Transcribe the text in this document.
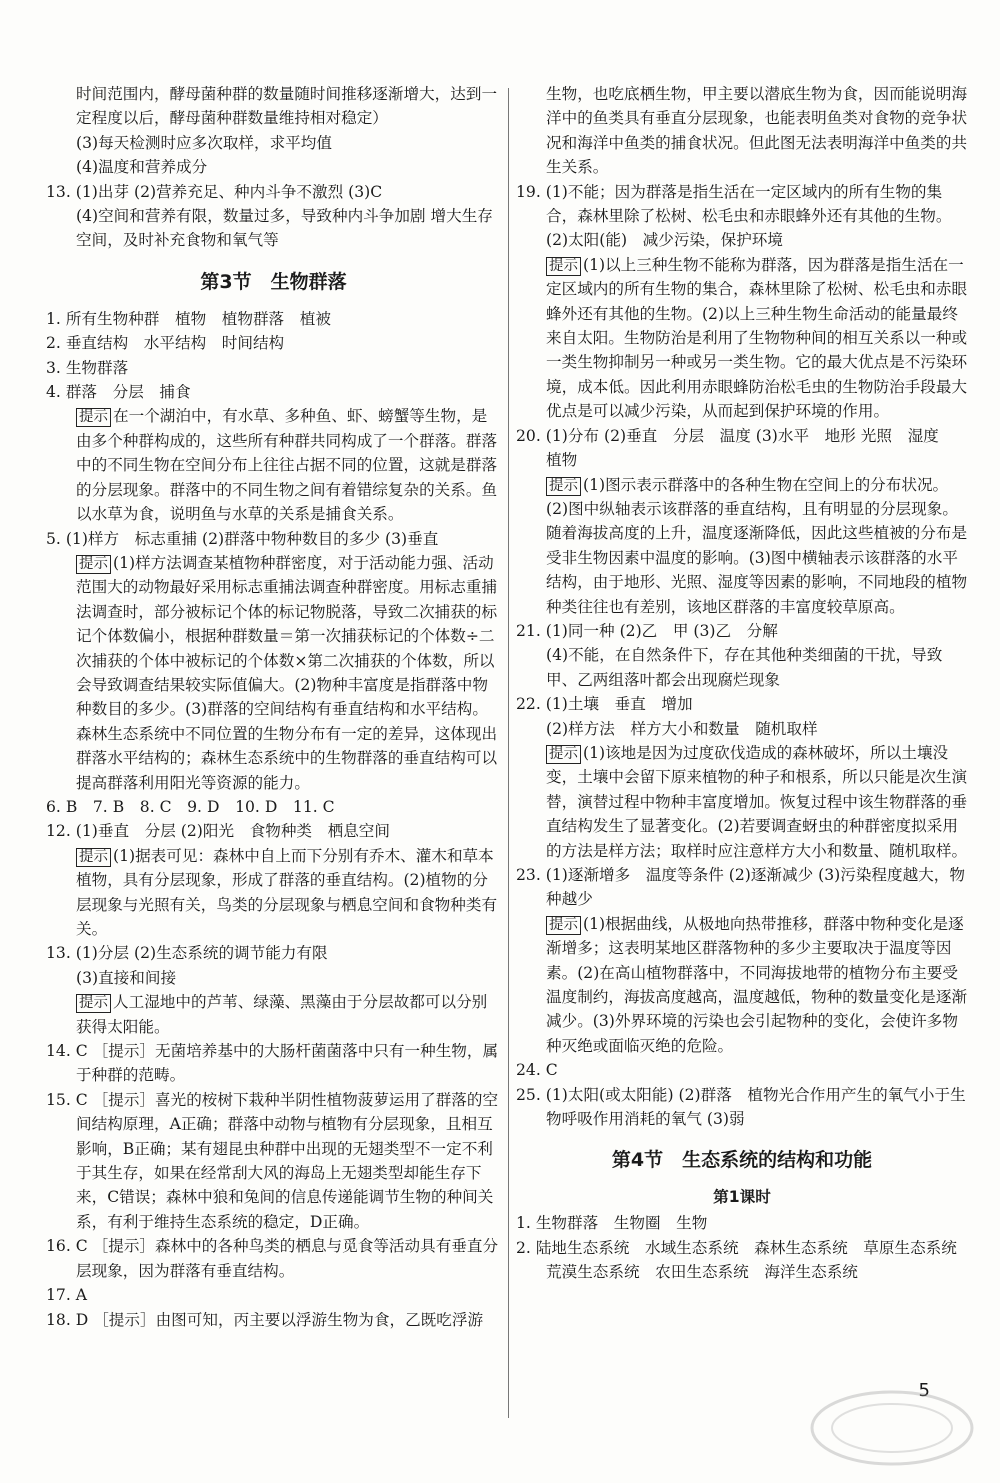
时间范围内，酵母菌种群的数量随时间推移逐渐增大，达到一定程度以后，酵母菌种群数量维持相对稳定）

(3)每天检测时应多次取样，求平均值

(4)温度和营养成分

13. (1)出芽 (2)营养充足、种内斗争不激烈 (3)C

(4)空间和营养有限，数量过多，导致种内斗争加剧 增大生存空间，及时补充食物和氧气等

第3节　生物群落

1. 所有生物种群　植物　植物群落　植被

2. 垂直结构　水平结构　时间结构

3. 生物群落

4. 群落　分层　捕食

提示 在一个湖泊中，有水草、多种鱼、虾、螃蟹等生物，是由多个种群构成的，这些所有种群共同构成了一个群落。群落中的不同生物在空间分布上往往占据不同的位置，这就是群落的分层现象。群落中的不同生物之间有着错综复杂的关系。鱼以水草为食，说明鱼与水草的关系是捕食关系。

5. (1)样方　标志重捕 (2)群落中物种数目的多少 (3)垂直

提示 (1)样方法调查某植物种群密度，对于活动能力强、活动范围大的动物最好采用标志重捕法调查种群密度。用标志重捕法调查时，部分被标记个体的标记物脱落，导致二次捕获的标记个体数偏小，根据种群数量＝第一次捕获标记的个体数÷二次捕获的个体中被标记的个体数×第二次捕获的个体数，所以会导致调查结果较实际值偏大。(2)物种丰富度是指群落中物种数目的多少。(3)群落的空间结构有垂直结构和水平结构。森林生态系统中不同位置的生物分布有一定的差异，这体现出群落水平结构的；森林生态系统中的生物群落的垂直结构可以提高群落利用阳光等资源的能力。

6. B　7. B　8. C　9. D　10. D　11. C

12. (1)垂直　分层 (2)阳光　食物种类　栖息空间

提示 (1)据表可见：森林中自上而下分别有乔木、灌木和草本植物，具有分层现象，形成了群落的垂直结构。(2)植物的分层现象与光照有关，鸟类的分层现象与栖息空间和食物种类有关。

13. (1)分层 (2)生态系统的调节能力有限

(3)直接和间接

提示 人工湿地中的芦苇、绿藻、黑藻由于分层故都可以分别获得太阳能。

14. C ［提示］无菌培养基中的大肠杆菌菌落中只有一种生物，属于种群的范畴。

15. C ［提示］喜光的桉树下栽种半阴性植物菠萝运用了群落的空间结构原理，A正确；群落中动物与植物有分层现象，且相互影响，B正确；某有翅昆虫种群中出现的无翅类型不一定不利于其生存，如果在经常刮大风的海岛上无翅类型却能生存下来，C错误；森林中狼和兔间的信息传递能调节生物的种间关系，有利于维持生态系统的稳定，D正确。

16. C ［提示］森林中的各种鸟类的栖息与觅食等活动具有垂直分层现象，因为群落有垂直结构。

17. A

18. D ［提示］由图可知，丙主要以浮游生物为食，乙既吃浮游

生物，也吃底栖生物，甲主要以潜底生物为食，因而能说明海洋中的鱼类具有垂直分层现象，也能表明鱼类对食物的竞争状况和海洋中鱼类的捕食状况。但此图无法表明海洋中鱼类的共生关系。

19. (1)不能；因为群落是指生活在一定区域内的所有生物的集合，森林里除了松树、松毛虫和赤眼蜂外还有其他的生物。 (2)太阳(能)　减少污染，保护环境

提示 (1)以上三种生物不能称为群落，因为群落是指生活在一定区域内的所有生物的集合，森林里除了松树、松毛虫和赤眼蜂外还有其他的生物。(2)以上三种生物生命活动的能量最终来自太阳。生物防治是利用了生物物种间的相互关系以一种或一类生物抑制另一种或另一类生物。它的最大优点是不污染环境，成本低。因此利用赤眼蜂防治松毛虫的生物防治手段最大优点是可以减少污染，从而起到保护环境的作用。

20. (1)分布 (2)垂直　分层　温度 (3)水平　地形 光照　湿度　植物

提示 (1)图示表示群落中的各种生物在空间上的分布状况。(2)图中纵轴表示该群落的垂直结构，且有明显的分层现象。随着海拔高度的上升，温度逐渐降低，因此这些植被的分布是受非生物因素中温度的影响。(3)图中横轴表示该群落的水平结构，由于地形、光照、湿度等因素的影响，不同地段的植物种类往往也有差别，该地区群落的丰富度较草原高。

21. (1)同一种 (2)乙　甲 (3)乙　分解

(4)不能，在自然条件下，存在其他种类细菌的干扰，导致甲、乙两组落叶都会出现腐烂现象

22. (1)土壤　垂直　增加

(2)样方法　样方大小和数量　随机取样

提示 (1)该地是因为过度砍伐造成的森林破坏，所以土壤没变，土壤中会留下原来植物的种子和根系，所以只能是次生演替，演替过程中物种丰富度增加。恢复过程中该生物群落的垂直结构发生了显著变化。(2)若要调查蚜虫的种群密度拟采用的方法是样方法；取样时应注意样方大小和数量、随机取样。

23. (1)逐渐增多　温度等条件 (2)逐渐减少 (3)污染程度越大，物种越少

提示 (1)根据曲线，从极地向热带推移，群落中物种变化是逐渐增多；这表明某地区群落物种的多少主要取决于温度等因素。(2)在高山植物群落中，不同海拔地带的植物分布主要受温度制约，海拔高度越高，温度越低，物种的数量变化是逐渐减少。(3)外界环境的污染也会引起物种的变化，会使许多物种灭绝或面临灭绝的危险。

24. C

25. (1)太阳(或太阳能) (2)群落　植物光合作用产生的氧气小于生物呼吸作用消耗的氧气 (3)弱

第4节　生态系统的结构和功能

第1课时

1. 生物群落　生物圈　生物

2. 陆地生态系统　水域生态系统　森林生态系统　草原生态系统　荒漠生态系统　农田生态系统　海洋生态系统

5
